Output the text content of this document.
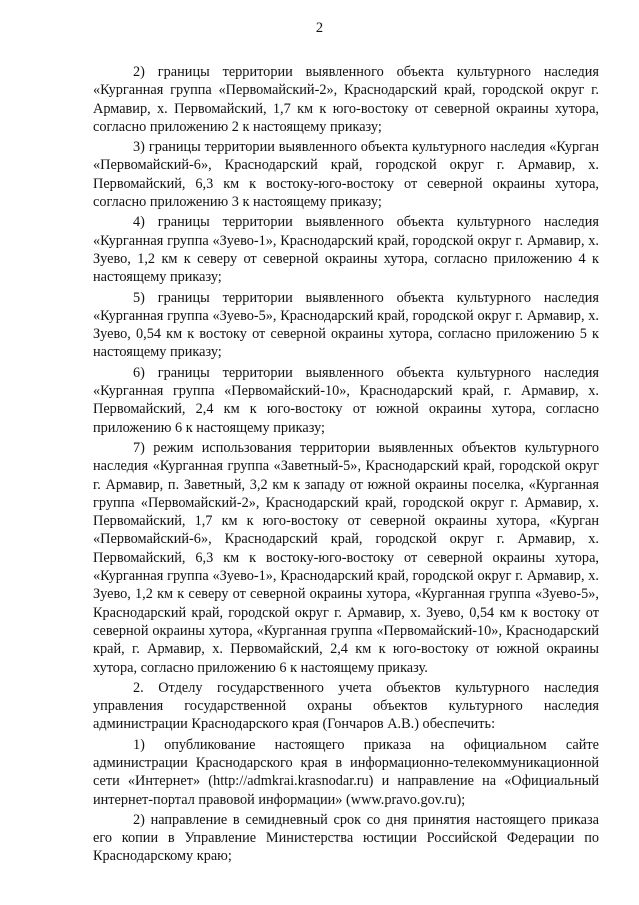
2

2) границы территории выявленного объекта культурного наследия «Курганная группа «Первомайский-2», Краснодарский край, городской округ г. Армавир, х. Первомайский, 1,7 км к юго-востоку от северной окраины хутора, согласно приложению 2 к настоящему приказу;

3) границы территории выявленного объекта культурного наследия «Курган «Первомайский-6», Краснодарский край, городской округ г. Армавир, х. Первомайский, 6,3 км к востоку-юго-востоку от северной окраины хутора, согласно приложению 3 к настоящему приказу;

4) границы территории выявленного объекта культурного наследия «Курганная группа «Зуево-1», Краснодарский край, городской округ г. Армавир, х. Зуево, 1,2 км к северу от северной окраины хутора, согласно приложению 4 к настоящему приказу;

5) границы территории выявленного объекта культурного наследия «Курганная группа «Зуево-5», Краснодарский край, городской округ г. Армавир, х. Зуево, 0,54 км к востоку от северной окраины хутора, согласно приложению 5 к настоящему приказу;

6) границы территории выявленного объекта культурного наследия «Курганная группа «Первомайский-10», Краснодарский край, г. Армавир, х. Первомайский, 2,4 км к юго-востоку от южной окраины хутора, согласно приложению 6 к настоящему приказу;

7) режим использования территории выявленных объектов культурного наследия «Курганная группа «Заветный-5», Краснодарский край, городской округ г. Армавир, п. Заветный, 3,2 км к западу от южной окраины поселка, «Курганная группа «Первомайский-2», Краснодарский край, городской округ г. Армавир, х. Первомайский, 1,7 км к юго-востоку от северной окраины хутора, «Курган «Первомайский-6», Краснодарский край, городской округ г. Армавир, х. Первомайский, 6,3 км к востоку-юго-востоку от северной окраины хутора, «Курганная группа «Зуево-1», Краснодарский край, городской округ г. Армавир, х. Зуево, 1,2 км к северу от северной окраины хутора, «Курганная группа «Зуево-5», Краснодарский край, городской округ г. Армавир, х. Зуево, 0,54 км к востоку от северной окраины хутора, «Курганная группа «Первомайский-10», Краснодарский край, г. Армавир, х. Первомайский, 2,4 км к юго-востоку от южной окраины хутора, согласно приложению 6 к настоящему приказу.

2. Отделу государственного учета объектов культурного наследия управления государственной охраны объектов культурного наследия администрации Краснодарского края (Гончаров А.В.) обеспечить:

1) опубликование настоящего приказа на официальном сайте администрации Краснодарского края в информационно-телекоммуникационной сети «Интернет» (http://admkrai.krasnodar.ru) и направление на «Официальный интернет-портал правовой информации» (www.pravo.gov.ru);

2) направление в семидневный срок со дня принятия настоящего приказа его копии в Управление Министерства юстиции Российской Федерации по Краснодарскому краю;
